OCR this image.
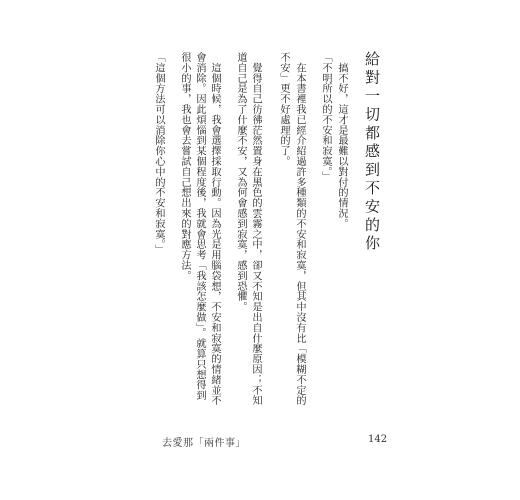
給對一切都感到不安的你
　搞不好，這才是最難以對付的情況。
「不明所以的不安和寂寞。」
　在本書裡我已經介紹過許多種類的不安和寂寞，但其中沒有比「模糊不定的
不安」更不好處理的了。
　覺得自己彷彿茫然置身在黑色的雲霧之中，卻又不知是出自什麼原因；不知
道自己是為了什麼不安，又為何會感到寂寞，感到恐懼。
　這個時候，我會選擇採取行動。因為光是用腦袋想，不安和寂寞的情緒並不
會消除。因此煩惱到某個程度後，我就會思考「我該怎麼做」。就算只想得到
很小的事，我也會去嘗試自己想出來的對應方法。
「這個方法可以消除你心中的不安和寂寞。」
去愛那「兩件事」	142
